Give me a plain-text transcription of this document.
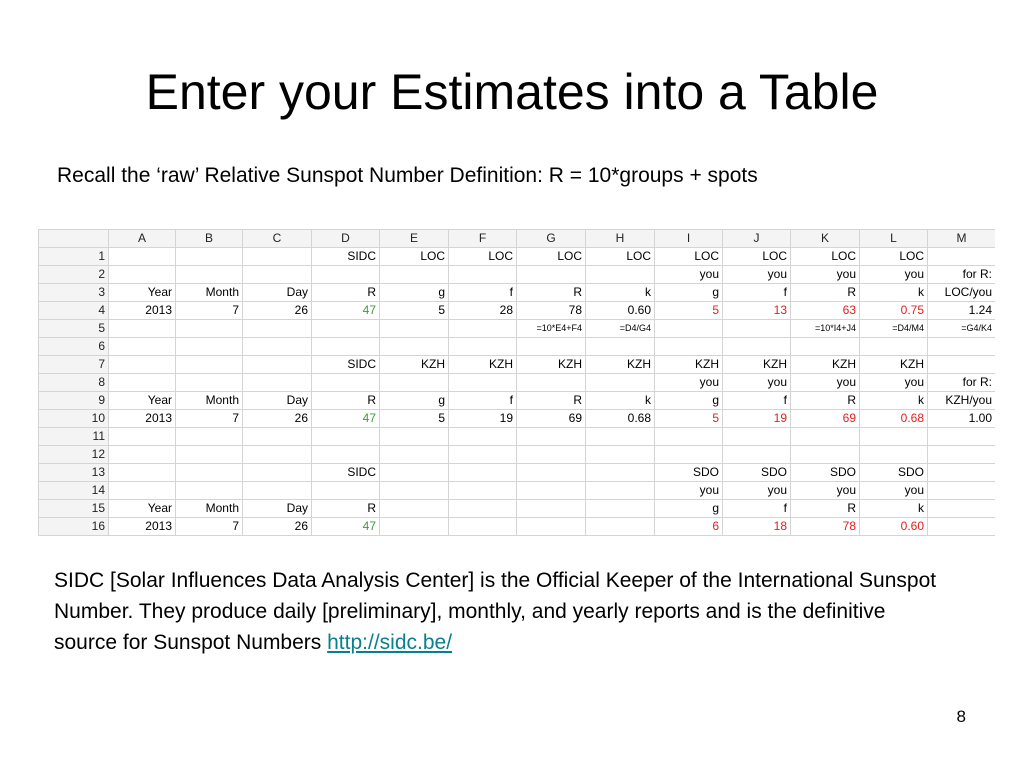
Enter your Estimates into a Table
Recall the ‘raw’ Relative Sunspot Number Definition: R = 10*groups + spots
	A	B	C	D	E	F	G	H	I	J	K	L	M
1				SIDC	LOC	LOC	LOC	LOC	LOC	LOC	LOC	LOC	
2									you	you	you	you	for R:
3	Year	Month	Day	R	g	f	R	k	g	f	R	k	LOC/you
4	2013	7	26	47	5	28	78	0.60	5	13	63	0.75	1.24
5							=10*E4+F4	=D4/G4			=10*I4+J4	=D4/M4	=G4/K4
6													
7				SIDC	KZH	KZH	KZH	KZH	KZH	KZH	KZH	KZH	
8									you	you	you	you	for R:
9	Year	Month	Day	R	g	f	R	k	g	f	R	k	KZH/you
10	2013	7	26	47	5	19	69	0.68	5	19	69	0.68	1.00
11													
12													
13				SIDC					SDO	SDO	SDO	SDO	
14									you	you	you	you	
15	Year	Month	Day	R					g	f	R	k	
16	2013	7	26	47					6	18	78	0.60	
SIDC [Solar Influences Data Analysis Center] is the Official Keeper of the International Sunspot Number. They produce daily [preliminary], monthly, and yearly reports and is the definitive source for Sunspot Numbers http://sidc.be/
8
